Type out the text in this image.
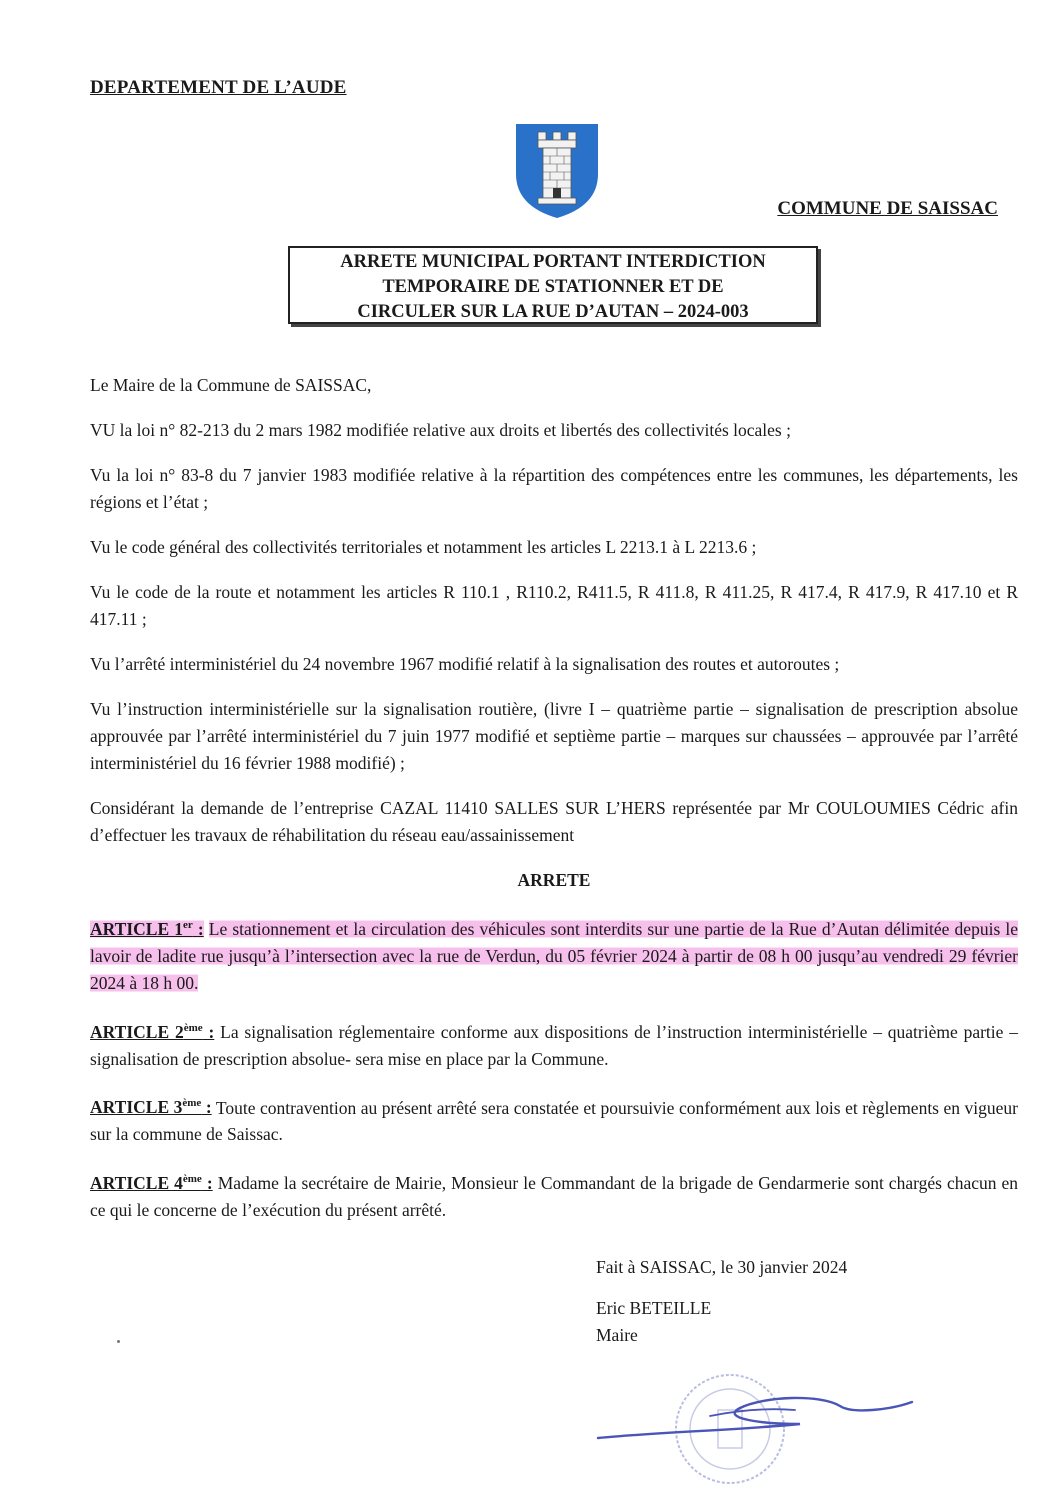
DEPARTEMENT DE L’AUDE
COMMUNE DE SAISSAC
ARRETE MUNICIPAL PORTANT INTERDICTION
TEMPORAIRE DE STATIONNER ET DE
CIRCULER SUR LA RUE D’AUTAN – 2024-003

Le Maire de la Commune de SAISSAC,

VU la loi n° 82-213 du 2 mars 1982 modifiée relative aux droits et libertés des collectivités locales ;

Vu la loi n° 83-8 du 7 janvier 1983 modifiée relative à la répartition des compétences entre les communes, les départements, les régions et l’état ;

Vu le code général des collectivités territoriales et notamment les articles L 2213.1 à L 2213.6 ;

Vu le code de la route et notamment les articles R 110.1 , R110.2, R411.5, R 411.8, R 411.25, R 417.4, R 417.9, R 417.10 et R 417.11 ;

Vu l’arrêté interministériel du 24 novembre 1967 modifié relatif à la signalisation des routes et autoroutes ;

Vu l’instruction interministérielle sur la signalisation routière, (livre I – quatrième partie – signalisation de prescription absolue approuvée par l’arrêté interministériel du 7 juin 1977 modifié et septième partie – marques sur chaussées – approuvée par l’arrêté interministériel du 16 février 1988 modifié) ;

Considérant la demande de l’entreprise CAZAL 11410 SALLES SUR L’HERS représentée par Mr COULOUMIES Cédric afin d’effectuer les travaux de réhabilitation du réseau eau/assainissement

ARRETE

ARTICLE 1er : Le stationnement et la circulation des véhicules sont interdits sur une partie de la Rue d’Autan délimitée depuis le lavoir de ladite rue jusqu’à l’intersection avec la rue de Verdun, du 05 février 2024 à partir de 08 h 00 jusqu’au vendredi 29 février 2024 à 18 h 00.

ARTICLE 2ème : La signalisation réglementaire conforme aux dispositions de l’instruction interministérielle – quatrième partie –signalisation de prescription absolue- sera mise en place par la Commune.

ARTICLE 3ème : Toute contravention au présent arrêté sera constatée et poursuivie conformément aux lois et règlements en vigueur sur la commune de Saissac.

ARTICLE 4ème : Madame la secrétaire de Mairie, Monsieur le Commandant de la brigade de Gendarmerie sont chargés chacun en ce qui le concerne de l’exécution du présent arrêté.

Fait à SAISSAC, le 30 janvier 2024
Eric BETEILLE
Maire
